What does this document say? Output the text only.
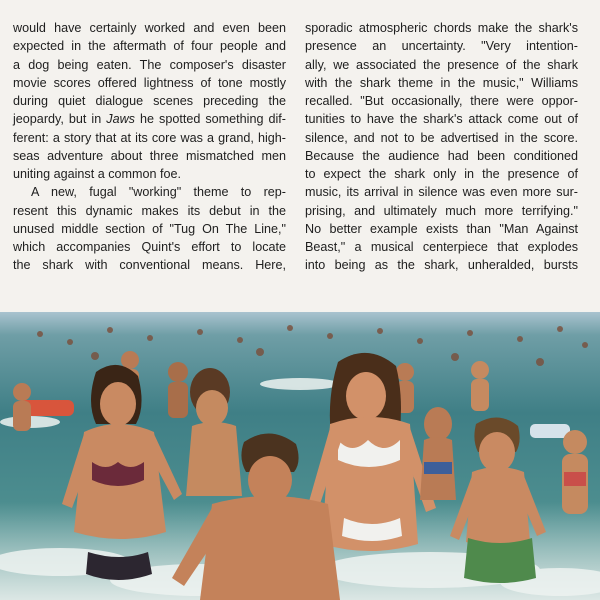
would have certainly worked and even been
expected in the aftermath of four people and
a dog being eaten. The composer's disaster
movie scores offered lightness of tone mostly
during quiet dialogue scenes preceding the
jeopardy, but in Jaws he spotted something dif-
ferent: a story that at its core was a grand, high-
seas adventure about three mismatched men
uniting against a common foe.
A new, fugal "working" theme to rep-
resent this dynamic makes its debut in the
unused middle section of "Tug On The Line,"
which accompanies Quint's effort to locate
the shark with conventional means. Here,
sporadic atmospheric chords make the shark's
presence an uncertainty. "Very intention-
ally, we associated the presence of the shark
with the shark theme in the music," Williams
recalled. "But occasionally, there were oppor-
tunities to have the shark's attack come out of
silence, and not to be advertised in the score.
Because the audience had been conditioned
to expect the shark only in the presence of
music, its arrival in silence was even more sur-
prising, and ultimately much more terrifying."
No better example exists than "Man Against
Beast," a musical centerpiece that explodes
into being as the shark, unheralded, bursts
